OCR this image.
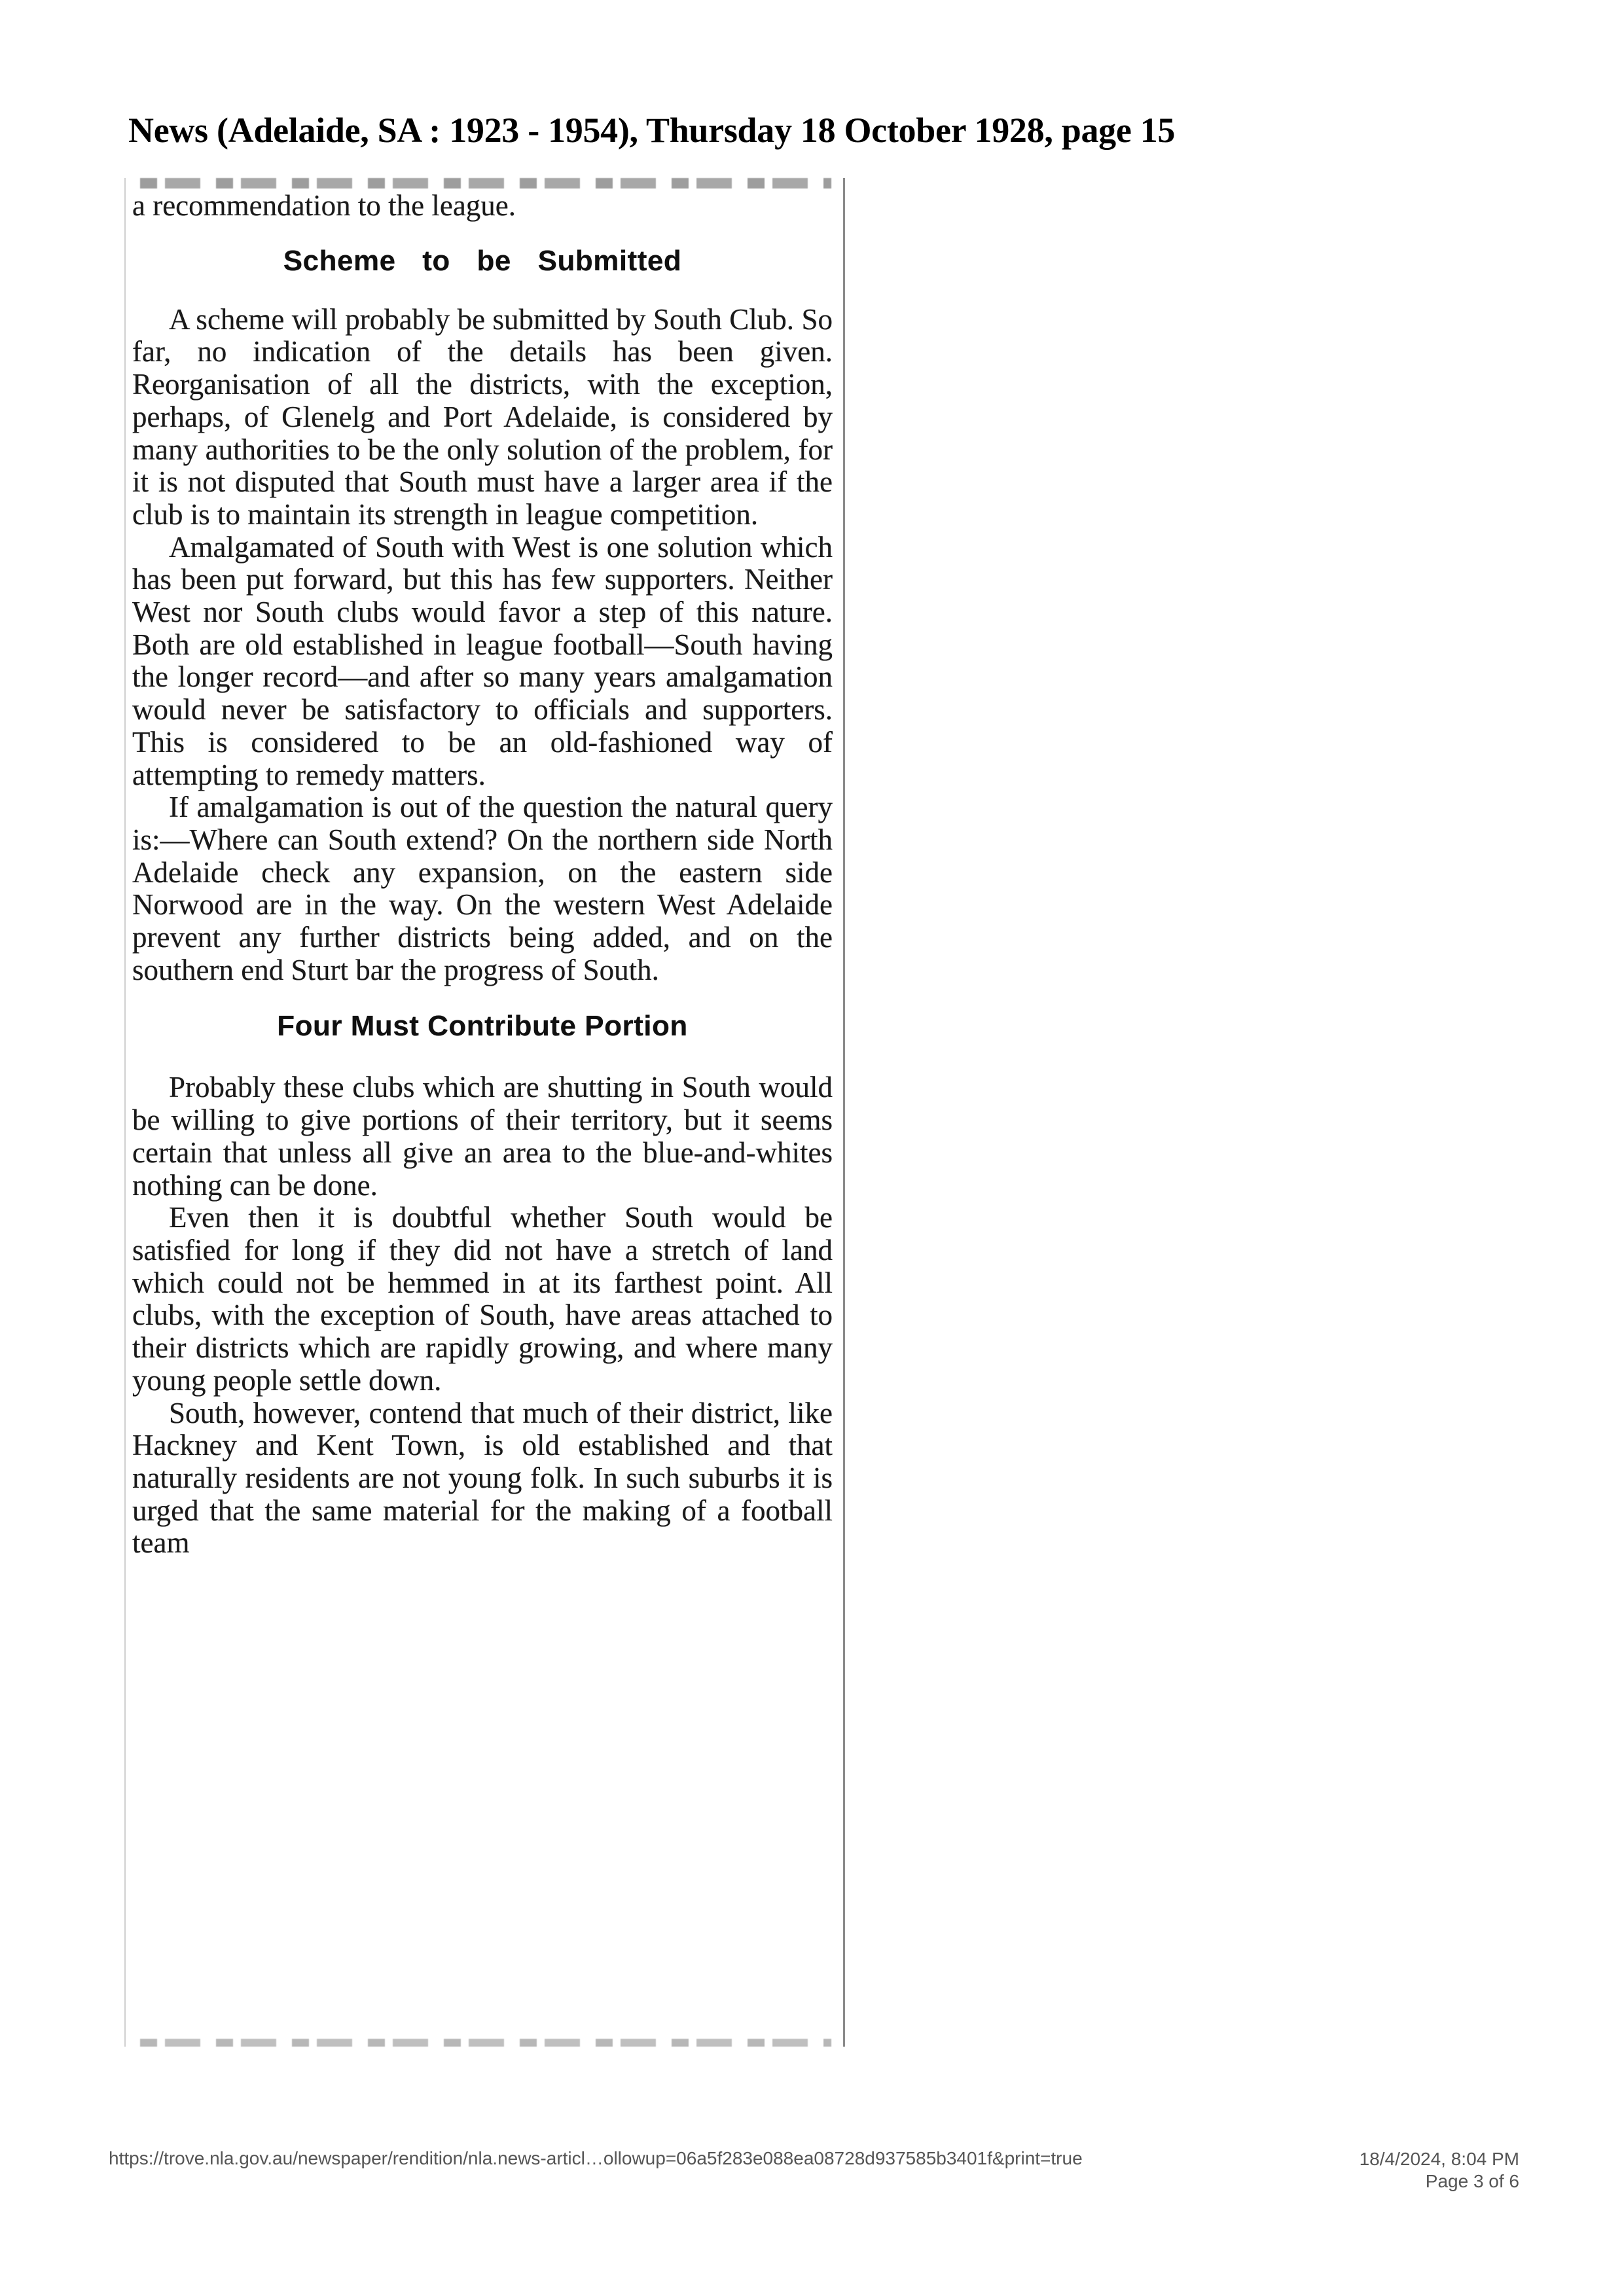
News (Adelaide, SA : 1923 - 1954), Thursday 18 October 1928, page 15

a recommendation to the league.

Scheme to be Submitted

A scheme will probably be submitted by South Club. So far, no indication of the details has been given. Reorganisation of all the districts, with the exception, perhaps, of Glenelg and Port Adelaide, is considered by many authorities to be the only solution of the problem, for it is not disputed that South must have a larger area if the club is to maintain its strength in league competition.

Amalgamated of South with West is one solution which has been put forward, but this has few supporters. Neither West nor South clubs would favor a step of this nature. Both are old established in league football—South having the longer record—and after so many years amalgamation would never be satisfactory to officials and supporters. This is considered to be an old-fashioned way of attempting to remedy matters.

If amalgamation is out of the question the natural query is:—Where can South extend? On the northern side North Adelaide check any expansion, on the eastern side Norwood are in the way. On the western West Adelaide prevent any further districts being added, and on the southern end Sturt bar the progress of South.

Four Must Contribute Portion

Probably these clubs which are shutting in South would be willing to give portions of their territory, but it seems certain that unless all give an area to the blue-and-whites nothing can be done.

Even then it is doubtful whether South would be satisfied for long if they did not have a stretch of land which could not be hemmed in at its farthest point. All clubs, with the exception of South, have areas attached to their districts which are rapidly growing, and where many young people settle down.

South, however, contend that much of their district, like Hackney and Kent Town, is old established and that naturally residents are not young folk. In such suburbs it is urged that the same material for the making of a football team

https://trove.nla.gov.au/newspaper/rendition/nla.news-articl…ollowup=06a5f283e088ea08728d937585b3401f&print=true	18/4/2024, 8:04 PM
Page 3 of 6
